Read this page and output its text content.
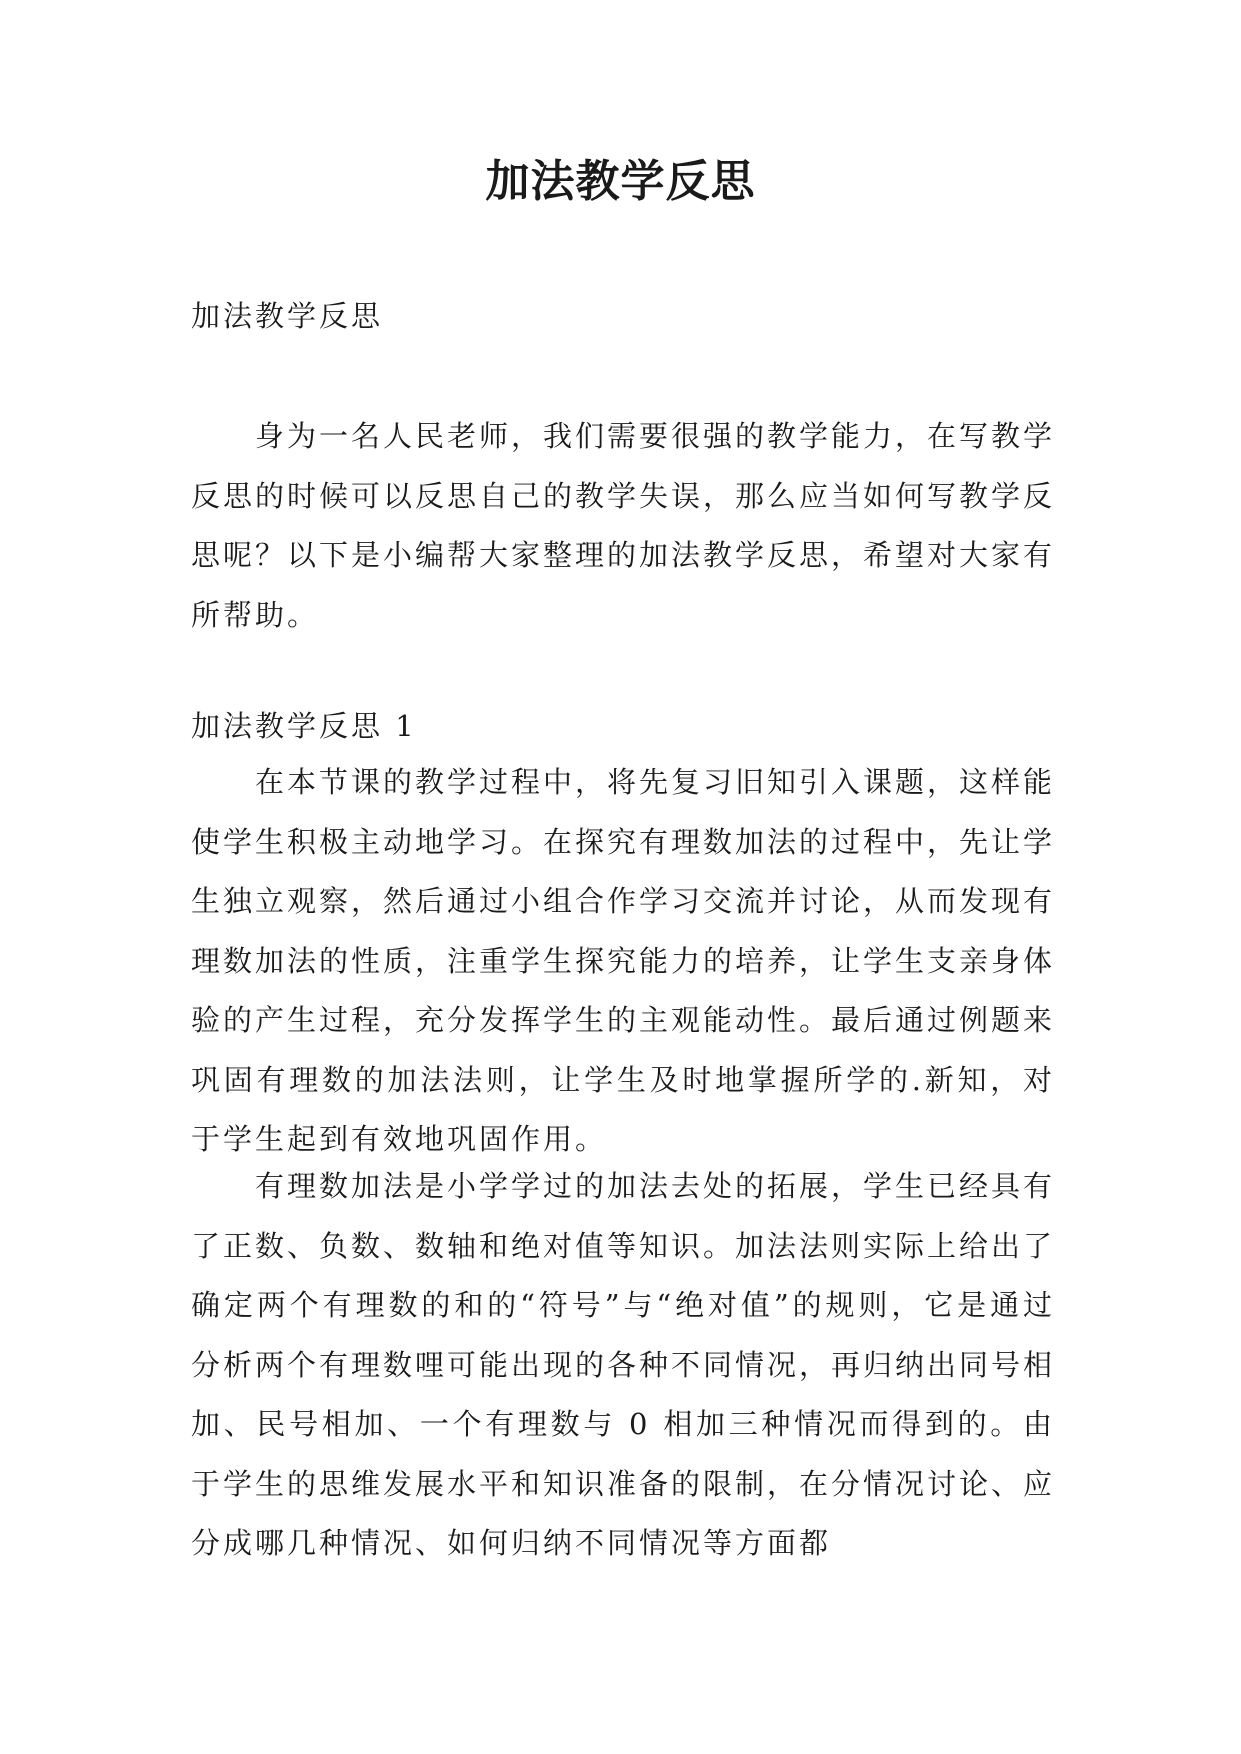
加法教学反思

加法教学反思

身为一名人民老师，我们需要很强的教学能力，在写教学反思的时候可以反思自己的教学失误，那么应当如何写教学反思呢？以下是小编帮大家整理的加法教学反思，希望对大家有所帮助。

加法教学反思 1

在本节课的教学过程中，将先复习旧知引入课题，这样能使学生积极主动地学习。在探究有理数加法的过程中，先让学生独立观察，然后通过小组合作学习交流并讨论，从而发现有理数加法的性质，注重学生探究能力的培养，让学生支亲身体验的产生过程，充分发挥学生的主观能动性。最后通过例题来巩固有理数的加法法则，让学生及时地掌握所学的.新知，对于学生起到有效地巩固作用。

有理数加法是小学学过的加法去处的拓展，学生已经具有了正数、负数、数轴和绝对值等知识。加法法则实际上给出了确定两个有理数的和的“符号”与“绝对值”的规则，它是通过分析两个有理数哩可能出现的各种不同情况，再归纳出同号相加、民号相加、一个有理数与 0 相加三种情况而得到的。由于学生的思维发展水平和知识准备的限制，在分情况讨论、应分成哪几种情况、如何归纳不同情况等方面都
